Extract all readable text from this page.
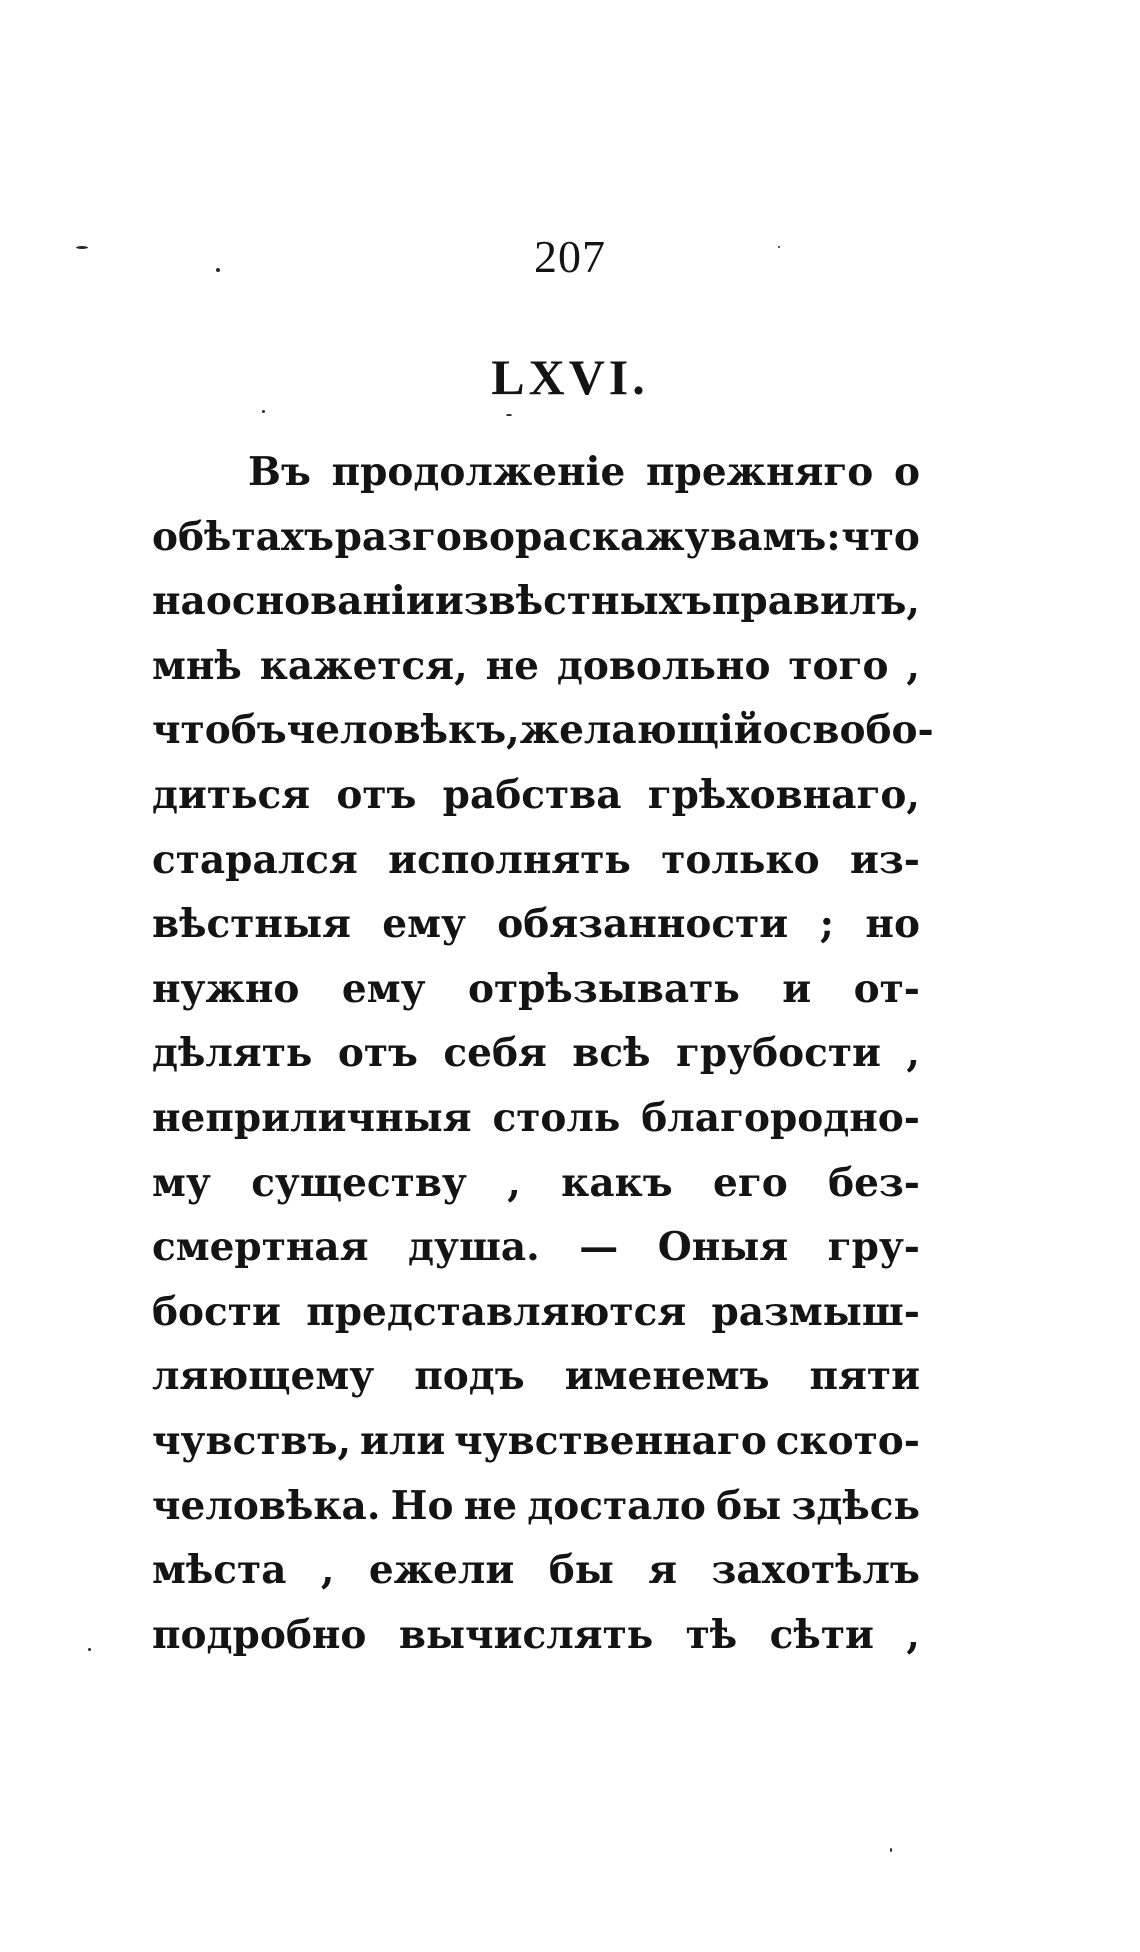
207
LXVI.
Въ продолженіе прежняго о
обѣтахъ разговора скажу вамъ: что
на основаніи извѣстныхъ правилъ,
мнѣ кажется, не довольно того ,
чтобъ человѣкъ, желающій освобо-
диться отъ рабства грѣховнаго,
старался исполнять только из-
вѣстныя ему обязанности ; но
нужно ему отрѣзывать и от-
дѣлять отъ себя всѣ грубости ,
неприличныя столь благородно-
му существу , какъ его без-
смертная душа. — Оныя гру-
бости представляются размыш-
ляющему подъ именемъ пяти
чувствъ, или чувственнаго ското-
человѣка. Но не достало бы здѣсь
мѣста , ежели бы я захотѣлъ
подробно вычислять тѣ сѣти ,
